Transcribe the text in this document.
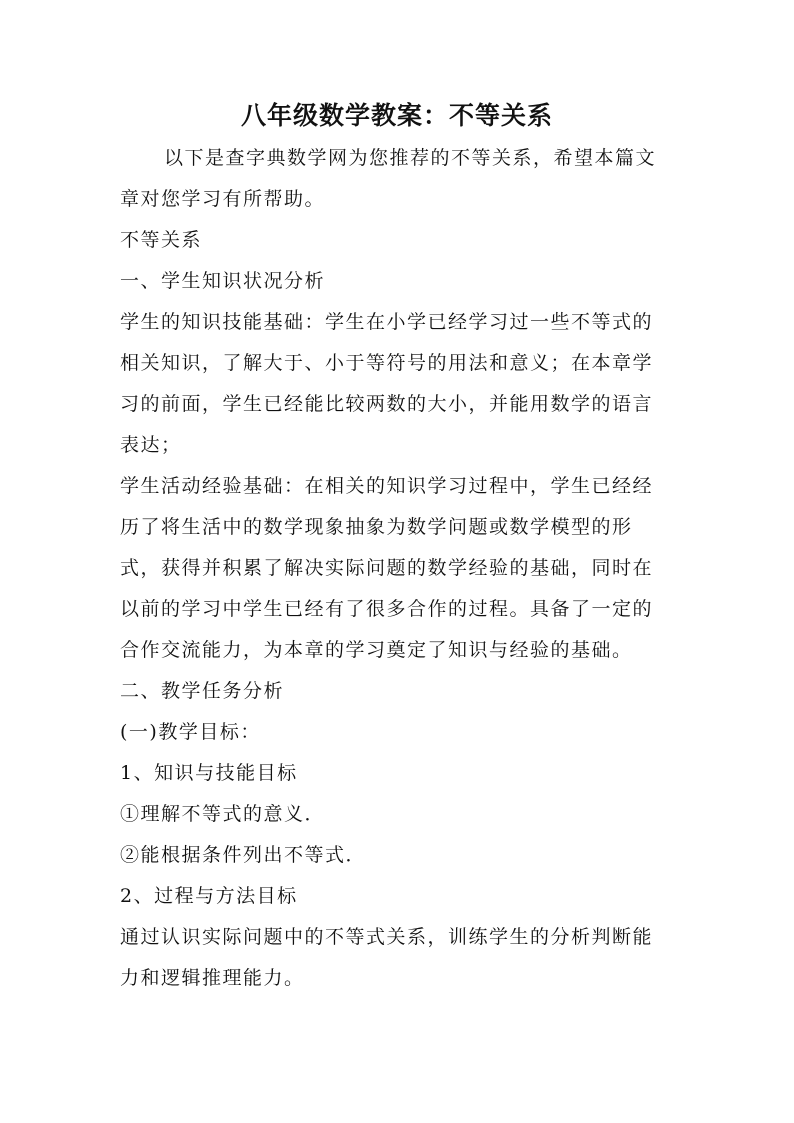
八年级数学教案：不等关系

以下是查字典数学网为您推荐的不等关系，希望本篇文

章对您学习有所帮助。

不等关系

一、学生知识状况分析

学生的知识技能基础：学生在小学已经学习过一些不等式的

相关知识，了解大于、小于等符号的用法和意义；在本章学

习的前面，学生已经能比较两数的大小，并能用数学的语言

表达；

学生活动经验基础：在相关的知识学习过程中，学生已经经

历了将生活中的数学现象抽象为数学问题或数学模型的形

式，获得并积累了解决实际问题的数学经验的基础，同时在

以前的学习中学生已经有了很多合作的过程。具备了一定的

合作交流能力，为本章的学习奠定了知识与经验的基础。

二、教学任务分析

(一)教学目标：

1、知识与技能目标

①理解不等式的意义．

②能根据条件列出不等式．

2、过程与方法目标

通过认识实际问题中的不等式关系，训练学生的分析判断能

力和逻辑推理能力。
